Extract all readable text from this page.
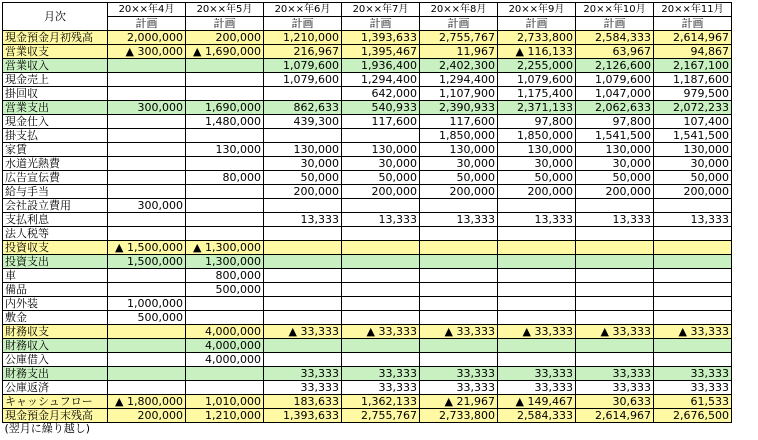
月次	20××年4月	20××年5月	20××年6月	20××年7月	20××年8月	20××年9月	20××年10月	20××年11月
	計画	計画	計画	計画	計画	計画	計画	計画
現金預金月初残高	2,000,000	200,000	1,210,000	1,393,633	2,755,767	2,733,800	2,584,333	2,614,967
営業収支	▲ 300,000	▲ 1,690,000	216,967	1,395,467	11,967	▲ 116,133	63,967	94,867
営業収入			1,079,600	1,936,400	2,402,300	2,255,000	2,126,600	2,167,100
現金売上			1,079,600	1,294,400	1,294,400	1,079,600	1,079,600	1,187,600
掛回収				642,000	1,107,900	1,175,400	1,047,000	979,500
営業支出	300,000	1,690,000	862,633	540,933	2,390,933	2,371,133	2,062,633	2,072,233
現金仕入		1,480,000	439,300	117,600	117,600	97,800	97,800	107,400
掛支払					1,850,000	1,850,000	1,541,500	1,541,500
家賃		130,000	130,000	130,000	130,000	130,000	130,000	130,000
水道光熱費			30,000	30,000	30,000	30,000	30,000	30,000
広告宣伝費		80,000	50,000	50,000	50,000	50,000	50,000	50,000
給与手当			200,000	200,000	200,000	200,000	200,000	200,000
会社設立費用	300,000							
支払利息			13,333	13,333	13,333	13,333	13,333	13,333
法人税等								
投資収支	▲ 1,500,000	▲ 1,300,000						
投資支出	1,500,000	1,300,000						
車		800,000						
備品		500,000						
内外装	1,000,000							
敷金	500,000							
財務収支		4,000,000	▲ 33,333	▲ 33,333	▲ 33,333	▲ 33,333	▲ 33,333	▲ 33,333
財務収入		4,000,000						
公庫借入		4,000,000						
財務支出			33,333	33,333	33,333	33,333	33,333	33,333
公庫返済			33,333	33,333	33,333	33,333	33,333	33,333
キャッシュフロー	▲ 1,800,000	1,010,000	183,633	1,362,133	▲ 21,967	▲ 149,467	30,633	61,533
現金預金月末残高	200,000	1,210,000	1,393,633	2,755,767	2,733,800	2,584,333	2,614,967	2,676,500
(翌月に繰り越し)								
